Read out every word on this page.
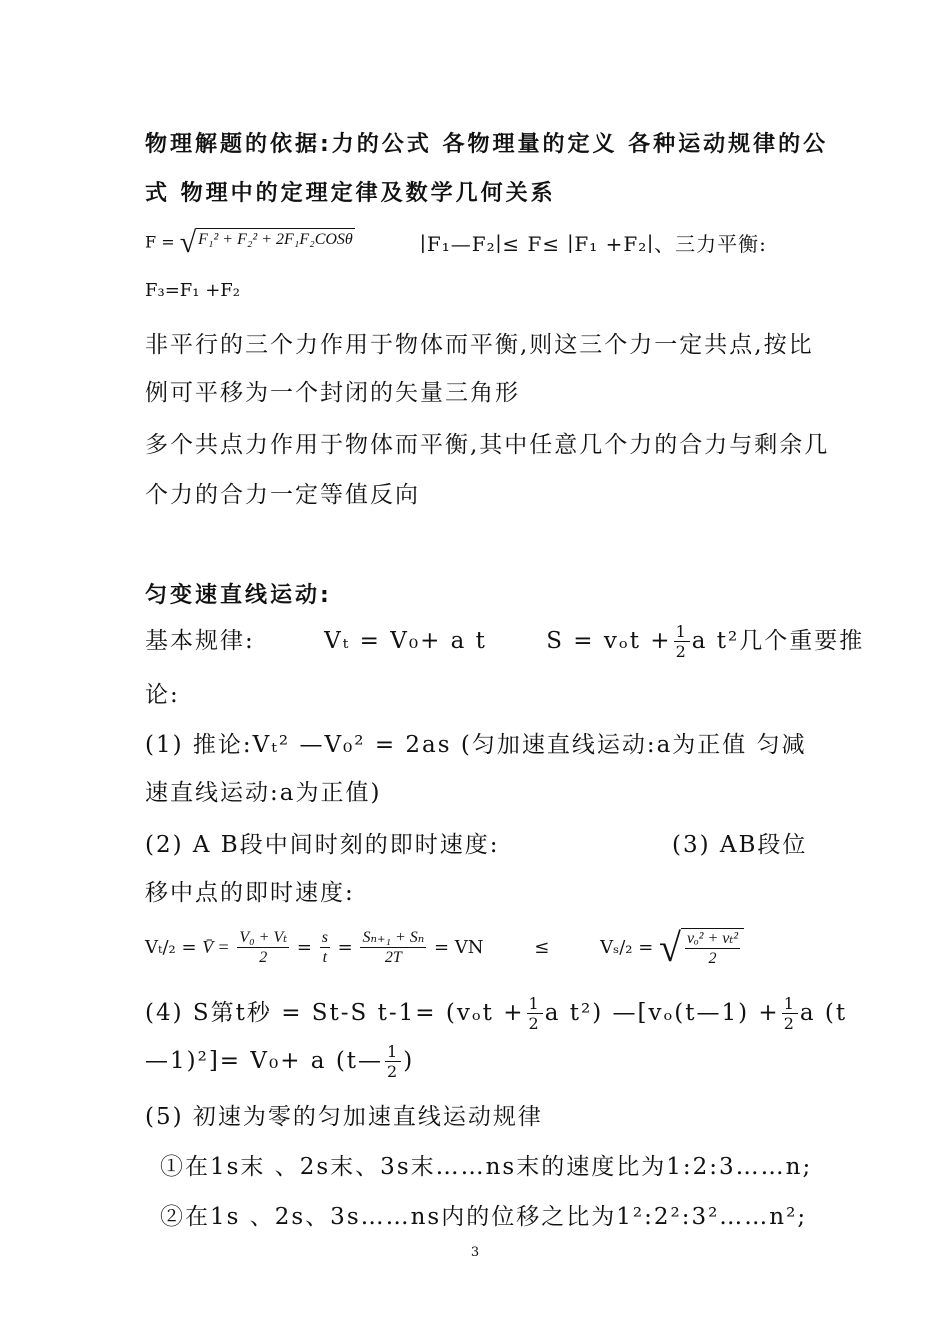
物理解题的依据:力的公式 各物理量的定义 各种运动规律的公
式 物理中的定理定律及数学几何关系
F = √ F₁² + F₂² + 2F₁F₂COSθ	∣F₁—F₂∣≤ F≤ ∣F₁ +F₂∣、三力平衡:
F₃=F₁ +F₂
非平行的三个力作用于物体而平衡,则这三个力一定共点,按比
例可平移为一个封闭的矢量三角形
多个共点力作用于物体而平衡,其中任意几个力的合力与剩余几
个力的合力一定等值反向
匀变速直线运动:
基本规律:	Vₜ = V₀+ a t	$S = v_ot + \frac{1}{2}$ a t²几个重要推
论:
(1) 推论:Vₜ² —V₀² = 2as (匀加速直线运动:a为正值 匀减
速直线运动:a为正值)
(2) A B段中间时刻的即时速度:	(3) AB段位
移中点的即时速度:
Vₜ/₂ = V̄ = $\frac{\text{V₀ + Vₜ}}{2} = \frac{s}{t} = \frac{\text{Sₙ₊₁ + Sₙ}}{2T}$ = VN	≤	Vₛ/₂ = √ $\frac{\text{vₒ² + vₜ²}}{2}$
(4) S第t秒 = St-S $t-1= (v_ot + \frac{1}{2}$ a t²) —[vₒ(t—1) + $\frac{1}{2}$ a (t
—1)²]= V₀+ a (t— $\frac{1}{2}$ )
(5) 初速为零的匀加速直线运动规律
①在1s末 、2s末、3s末……ns末的速度比为1:2:3……n;
②在1s 、2s、3s……ns内的位移之比为1²:2²:3²……n²;
3
